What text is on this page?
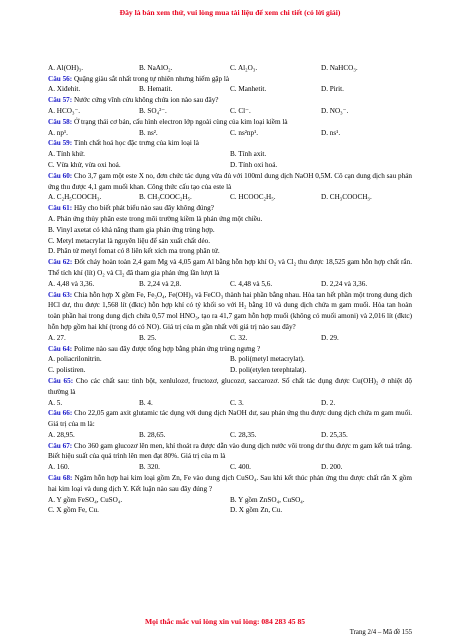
Đây là bản xem thử, vui lòng mua tài liệu để xem chi tiết (có lời giải)
A. Al(OH)₃.	B. NaAlO₂.	C. Al₂O₃.	D. NaHCO₃.
Câu 56: Quặng giàu sắt nhất trong tự nhiên nhưng hiếm gặp là
A. Xiđehit.	B. Hematit.	C. Manhetit.	D. Pirit.
Câu 57: Nước cứng vĩnh cửu không chứa ion nào sau đây?
A. HCO₃⁻.	B. SO₄²⁻.	C. Cl⁻.	D. NO₃⁻.
Câu 58: Ở trạng thái cơ bản, cấu hình electron lớp ngoài cùng của kim loại kiềm là
A. np¹.	B. ns².	C. ns²np¹.	D. ns¹.
Câu 59: Tính chất hoá học đặc trưng của kim loại là
A. Tính khử.	B. Tính axit.
C. Vừa khử, vừa oxi hoá.	D. Tính oxi hoá.
Câu 60: Cho 3,7 gam một este X no, đơn chức tác dụng vừa đủ với 100ml dung dịch NaOH 0,5M. Cô cạn dung dịch sau phản ứng thu được 4,1 gam muối khan. Công thức cấu tạo của este là
A. C₂H₅COOCH₃.	B. CH₃COOC₂H₅.	C. HCOOC₂H₅.	D. CH₃COOCH₃.
Câu 61: Hãy cho biết phát biểu nào sau đây không đúng?
A. Phản ứng thủy phân este trong môi trường kiềm là phản ứng một chiều.
B. Vinyl axetat có khả năng tham gia phản ứng trùng hợp.
C. Metyl metacrylat là nguyên liệu để sản xuất chất dẻo.
D. Phân tử metyl fomat có 8 liên kết xích ma trong phân tử.
Câu 62: Đốt cháy hoàn toàn 2,4 gam Mg và 4,05 gam Al bằng hỗn hợp khí O₂ và Cl₂ thu được 18,525 gam hỗn hợp chất rắn. Thể tích khí (lít) O₂ và Cl₂ đã tham gia phản ứng lần lượt là
A. 4,48 và 3,36.	B. 2,24 và 2,8.	C. 4,48 và 5,6.	D. 2,24 và 3,36.
Câu 63: Chia hỗn hợp X gồm Fe, Fe₃O₄, Fe(OH)₃ và FeCO₃ thành hai phần bằng nhau. Hòa tan hết phần một trong dung dịch HCl dư, thu được 1,568 lít (đktc) hỗn hợp khí có tỷ khối so với H₂ bằng 10 và dung dịch chứa m gam muối. Hòa tan hoàn toàn phần hai trong dung dịch chứa 0,57 mol HNO₃, tạo ra 41,7 gam hỗn hợp muối (không có muối amoni) và 2,016 lít (đktc) hỗn hợp gồm hai khí (trong đó có NO). Giá trị của m gần nhất với giá trị nào sau đây?
A. 27.	B. 25.	C. 32.	D. 29.
Câu 64: Polime nào sau đây được tổng hợp bằng phản ứng trùng ngưng ?
A. poliacrilonitrin.	B. poli(metyl metacrylat).
C. polistiren.	D. poli(etylen terephtalat).
Câu 65: Cho các chất sau: tinh bột, xenlulozơ, fructozơ, glucozơ, saccarozơ. Số chất tác dụng được Cu(OH)₂ ở nhiệt độ thường là
A. 5.	B. 4.	C. 3.	D. 2.
Câu 66: Cho 22,05 gam axit glutamic tác dụng với dung dịch NaOH dư, sau phản ứng thu được dung dịch chứa m gam muối. Giá trị của m là:
A. 28,95.	B. 28,65.	C. 28,35.	D. 25,35.
Câu 67: Cho 360 gam glucozơ lên men, khí thoát ra được dẫn vào dung dịch nước vôi trong dư thu được m gam kết tuả trắng. Biết hiệu suất của quá trình lên men đạt 80%. Giá trị của m là
A. 160.	B. 320.	C. 400.	D. 200.
Câu 68: Ngâm hỗn hợp hai kim loại gồm Zn, Fe vào dung dịch CuSO₄. Sau khi kết thúc phản ứng thu được chất rắn X gồm hai kim loại và dung dịch Y. Kết luận nào sau đây đúng ?
A. Y gồm FeSO₄, CuSO₄.	B. Y gồm ZnSO₄, CuSO₄.
C. X gồm Fe, Cu.	D. X gồm Zn, Cu.
Mọi thắc mắc vui lòng xin vui lòng: 084 283 45 85
Trang 2/4 – Mã đề 155
